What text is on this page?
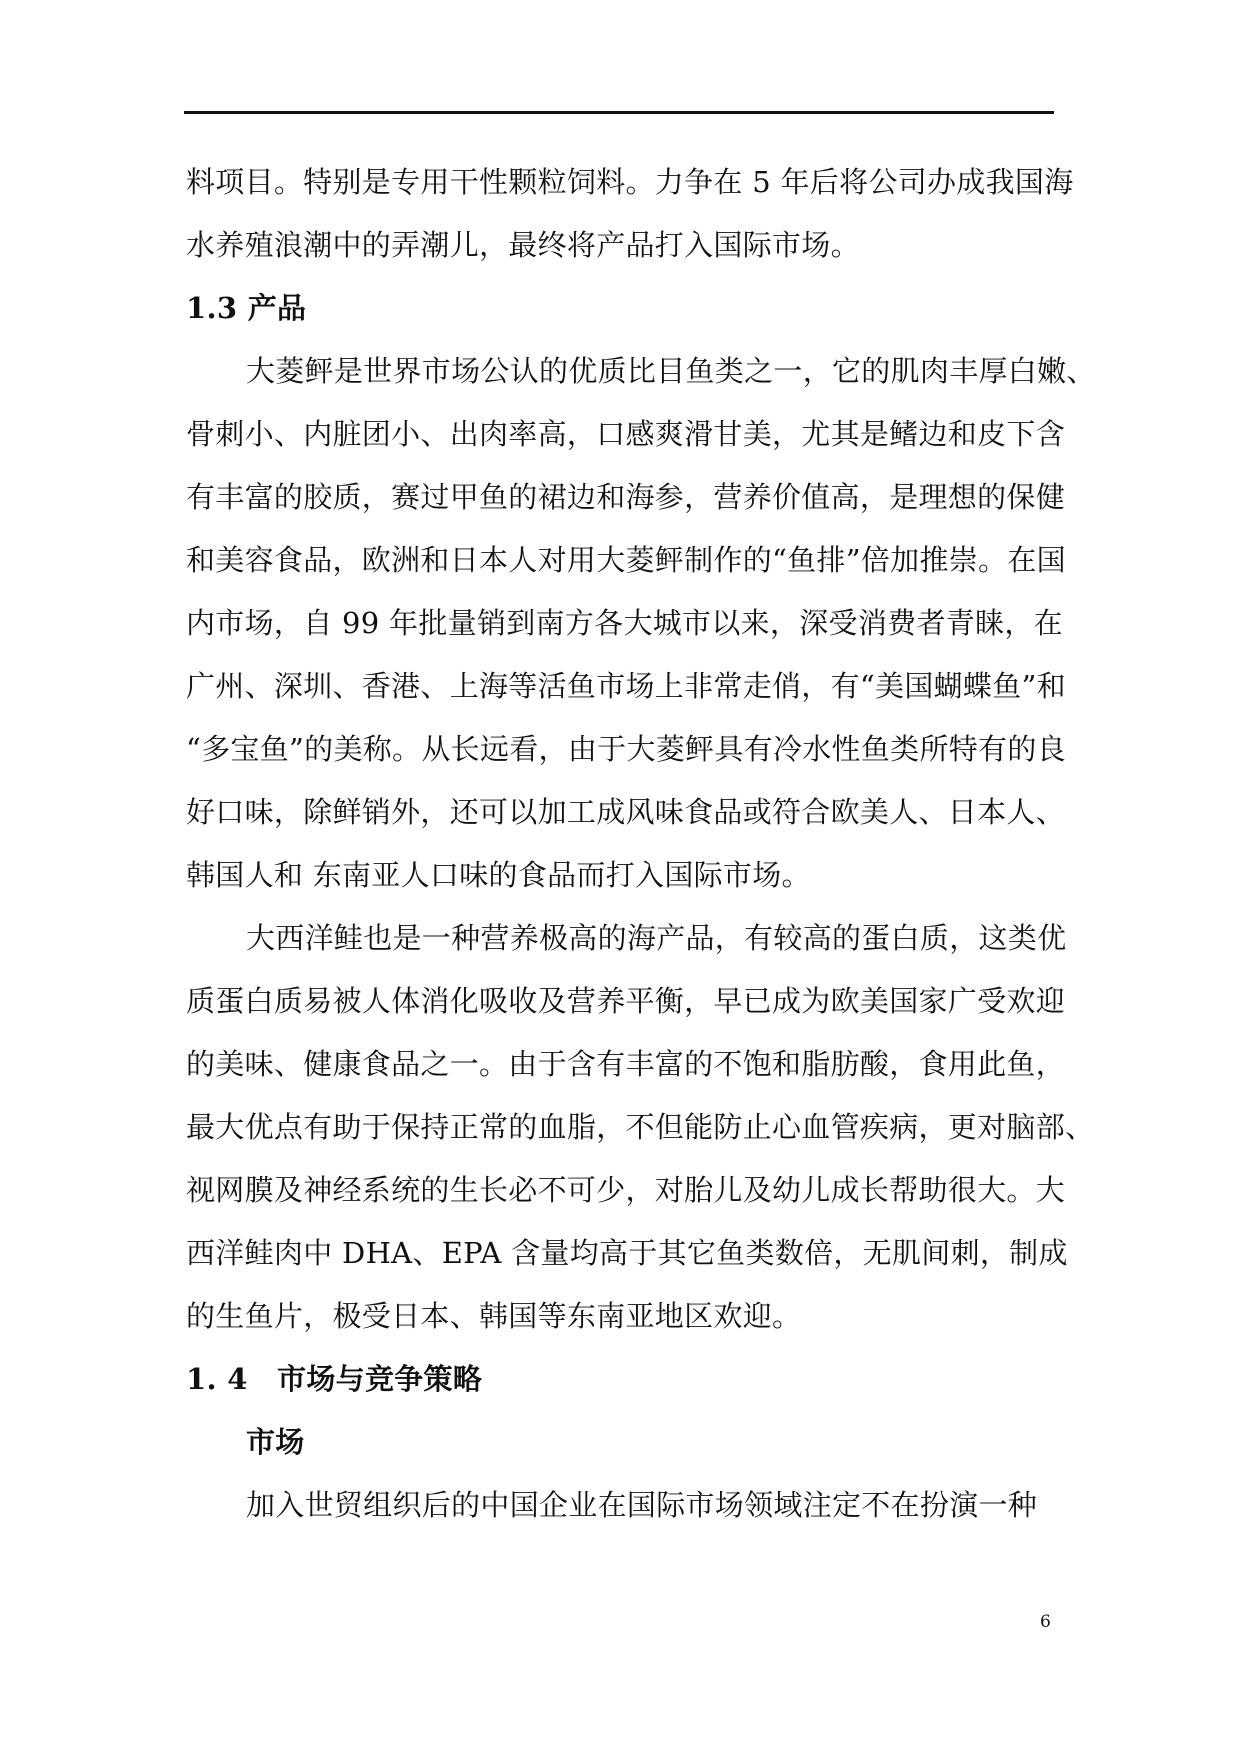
料项目。特别是专用干性颗粒饲料。力争在 5 年后将公司办成我国海
水养殖浪潮中的弄潮儿，最终将产品打入国际市场。
1.3 产品
大菱鲆是世界市场公认的优质比目鱼类之一，它的肌肉丰厚白嫩、
骨刺小、内脏团小、出肉率高，口感爽滑甘美，尤其是鳍边和皮下含
有丰富的胶质，赛过甲鱼的裙边和海参，营养价值高，是理想的保健
和美容食品，欧洲和日本人对用大菱鲆制作的“鱼排”倍加推崇。在国
内市场，自 99 年批量销到南方各大城市以来，深受消费者青睐，在
广州、深圳、香港、上海等活鱼市场上非常走俏，有“美国蝴蝶鱼”和
“多宝鱼”的美称。从长远看，由于大菱鲆具有冷水性鱼类所特有的良
好口味，除鲜销外，还可以加工成风味食品或符合欧美人、日本人、
韩国人和 东南亚人口味的食品而打入国际市场。
大西洋鲑也是一种营养极高的海产品，有较高的蛋白质，这类优
质蛋白质易被人体消化吸收及营养平衡，早已成为欧美国家广受欢迎
的美味、健康食品之一。由于含有丰富的不饱和脂肪酸，食用此鱼，
最大优点有助于保持正常的血脂，不但能防止心血管疾病，更对脑部、
视网膜及神经系统的生长必不可少，对胎儿及幼儿成长帮助很大。大
西洋鲑肉中 DHA、EPA 含量均高于其它鱼类数倍，无肌间刺，制成
的生鱼片，极受日本、韩国等东南亚地区欢迎。
1. 4　市场与竞争策略
市场
加入世贸组织后的中国企业在国际市场领域注定不在扮演一种
6
